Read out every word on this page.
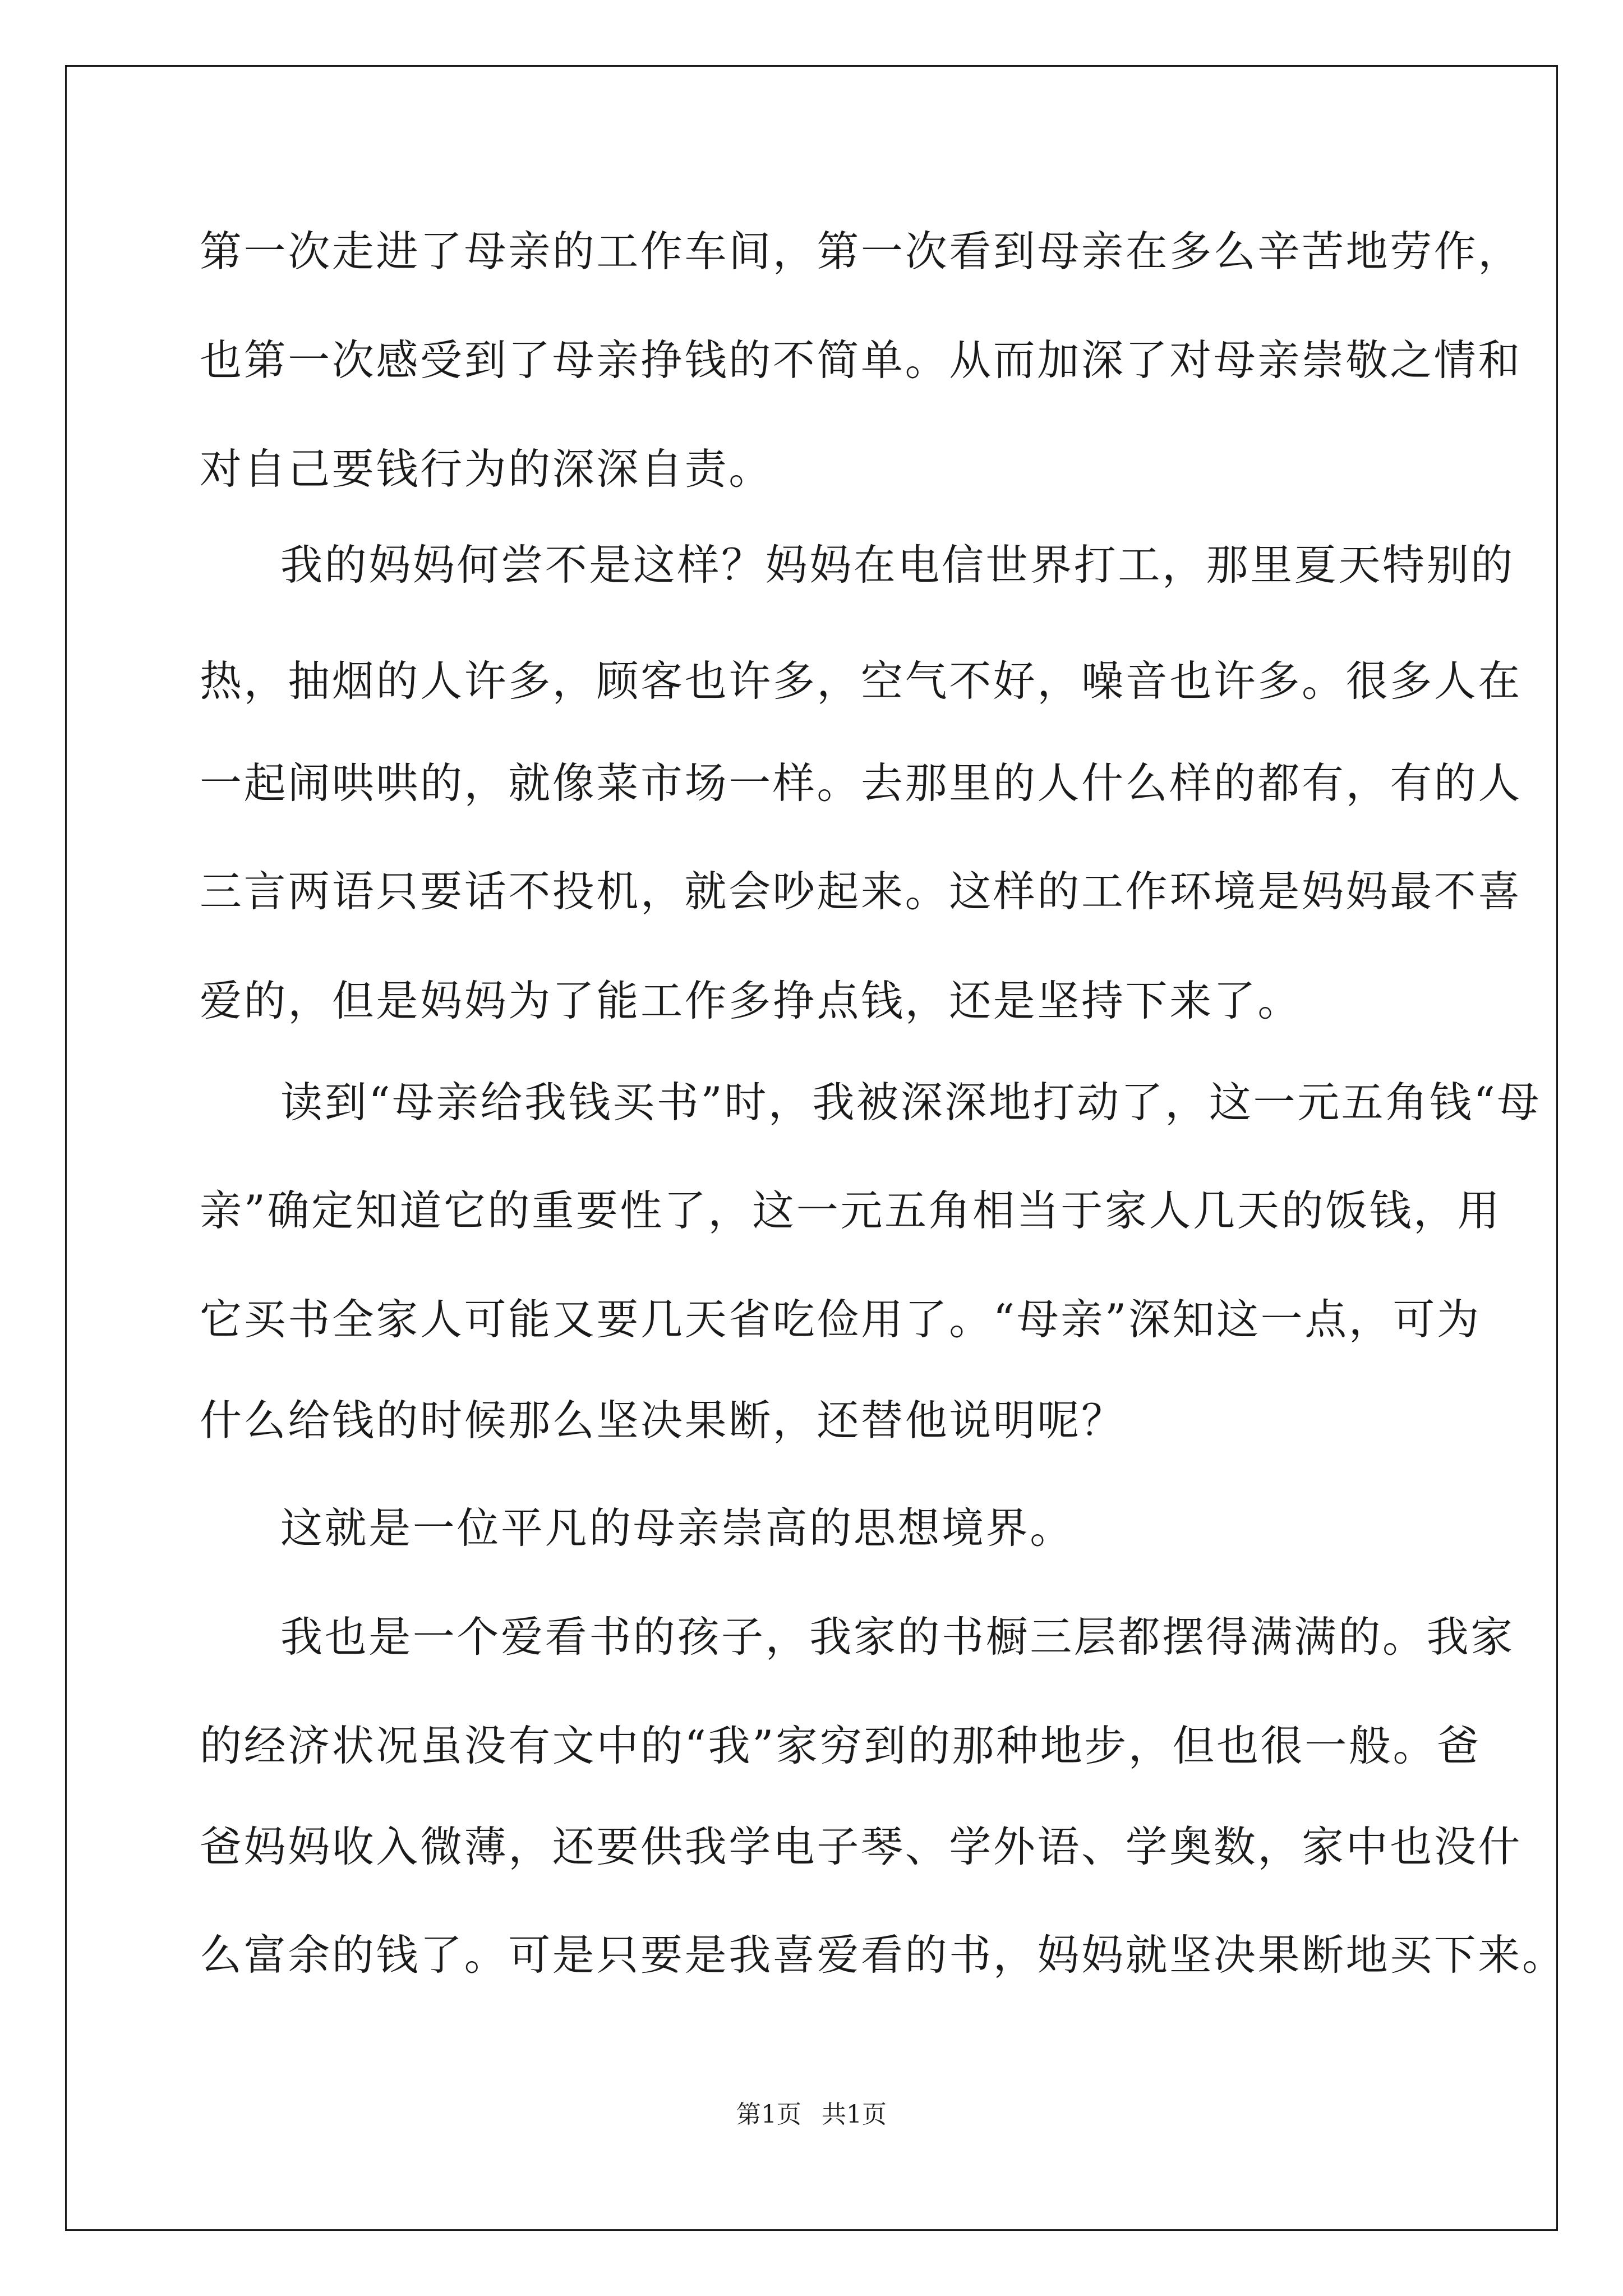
第一次走进了母亲的工作车间，第一次看到母亲在多么辛苦地劳作，
也第一次感受到了母亲挣钱的不简单。从而加深了对母亲崇敬之情和
对自己要钱行为的深深自责。
我的妈妈何尝不是这样？妈妈在电信世界打工，那里夏天特别的
热，抽烟的人许多，顾客也许多，空气不好，噪音也许多。很多人在
一起闹哄哄的，就像菜市场一样。去那里的人什么样的都有，有的人
三言两语只要话不投机，就会吵起来。这样的工作环境是妈妈最不喜
爱的，但是妈妈为了能工作多挣点钱，还是坚持下来了。
读到“母亲给我钱买书”时，我被深深地打动了，这一元五角钱“母
亲”确定知道它的重要性了，这一元五角相当于家人几天的饭钱，用
它买书全家人可能又要几天省吃俭用了。“母亲”深知这一点，可为
什么给钱的时候那么坚决果断，还替他说明呢？
这就是一位平凡的母亲崇高的思想境界。
我也是一个爱看书的孩子，我家的书橱三层都摆得满满的。我家
的经济状况虽没有文中的“我”家穷到的那种地步，但也很一般。爸
爸妈妈收入微薄，还要供我学电子琴、学外语、学奥数，家中也没什
么富余的钱了。可是只要是我喜爱看的书，妈妈就坚决果断地买下来。
第1页 共1页
